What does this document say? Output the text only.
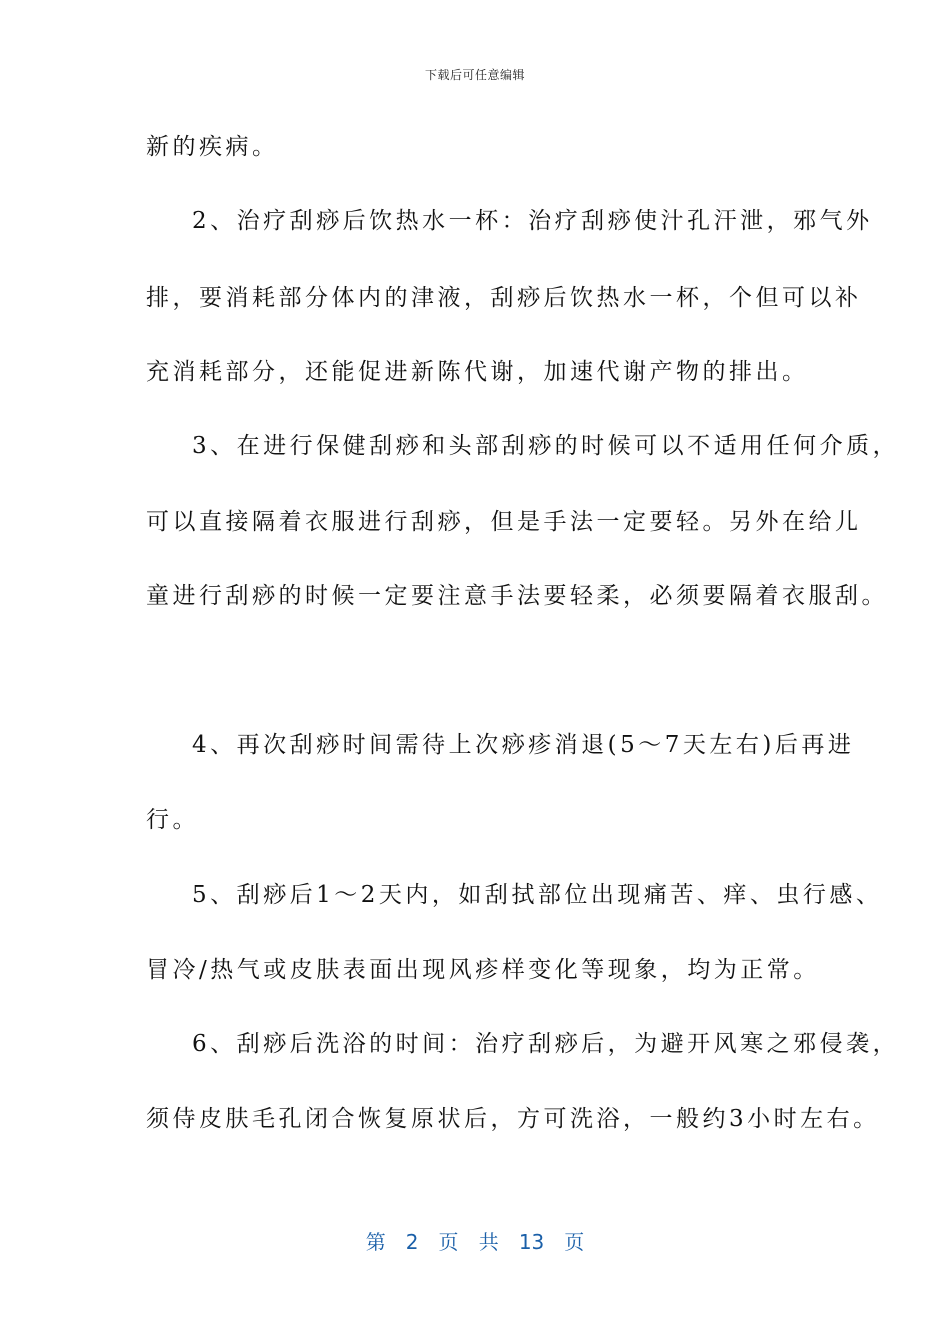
下载后可任意编辑
新的疾病。
2、治疗刮痧后饮热水一杯：治疗刮痧使汁孔汗泄，邪气外
排，要消耗部分体内的津液，刮痧后饮热水一杯，个但可以补
充消耗部分，还能促进新陈代谢，加速代谢产物的排出。
3、在进行保健刮痧和头部刮痧的时候可以不适用任何介质，
可以直接隔着衣服进行刮痧，但是手法一定要轻。另外在给儿
童进行刮痧的时候一定要注意手法要轻柔，必须要隔着衣服刮。
4、再次刮痧时间需待上次痧疹消退(5～7天左右)后再进
行。
5、刮痧后1～2天内，如刮拭部位出现痛苦、痒、虫行感、
冒冷/热气或皮肤表面出现风疹样变化等现象，均为正常。
6、刮痧后洗浴的时间：治疗刮痧后，为避开风寒之邪侵袭，
须侍皮肤毛孔闭合恢复原状后，方可洗浴，一般约3小时左右。
第 2 页 共 13 页
